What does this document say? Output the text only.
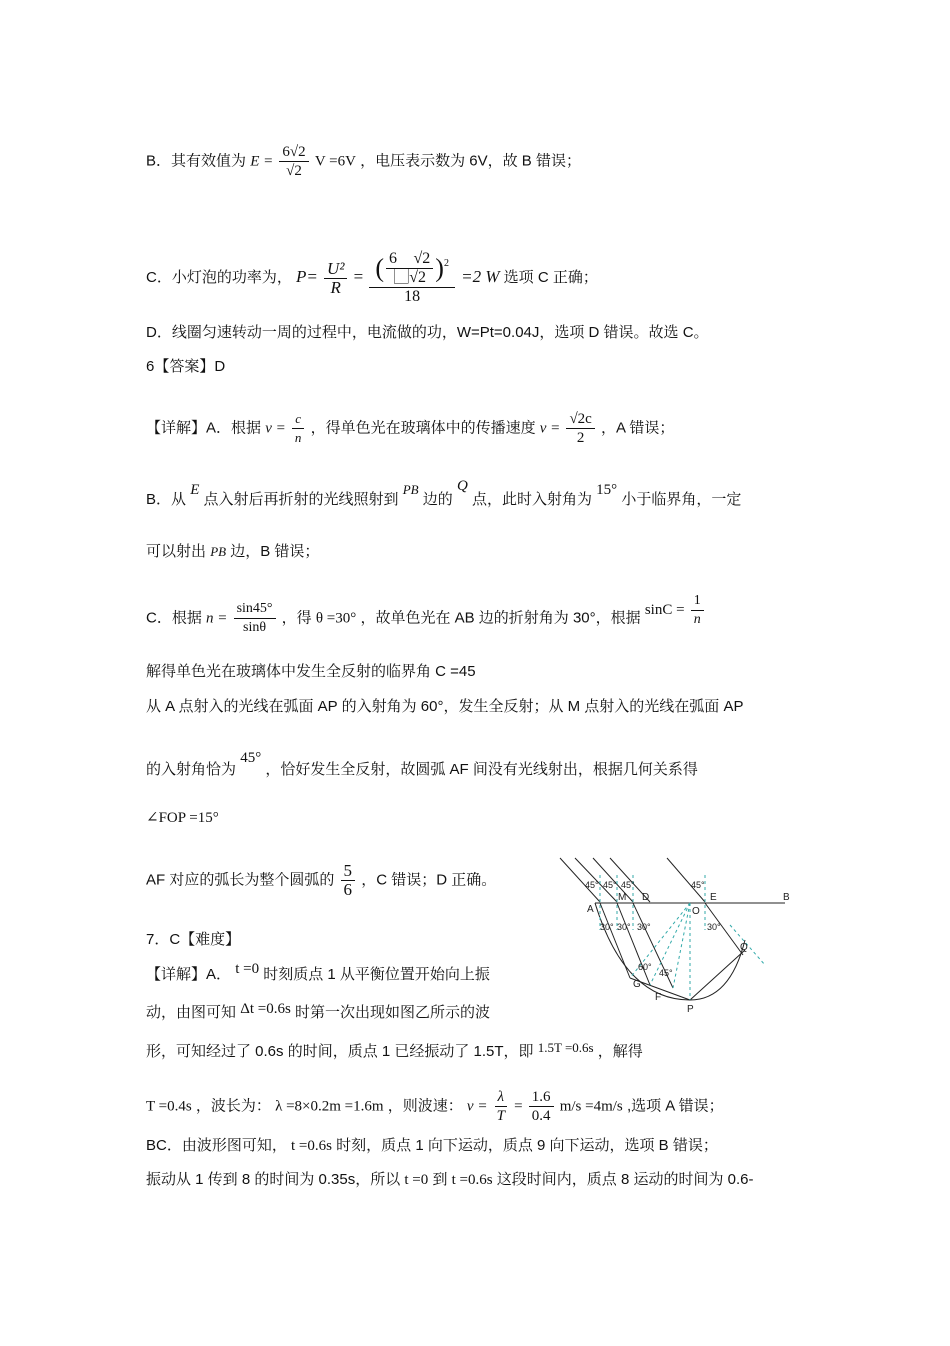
B．其有效值为 $E = \frac{6√2}{√2}$ V =6V ，电压表示数为 6V，故 B 错误；
C．小灯泡的功率为， $P= \frac{\text{U²}}{R} = \frac{( \frac{6 ⃞√2}{⃞√2} )^2}{18} =2$ W 选项 C 正确；
D．线圈匀速转动一周的过程中，电流做的功，W=Pt=0.04J，选项 D 错误。故选 C。
6【答案】D
【详解】A．根据 $v = \frac{c}{n}$ ，得单色光在玻璃体中的传播速度 $v = \frac{√2c}{2}$ ，A 错误；
B．从 E 点入射后再折射的光线照射到 PB 边的 Q 点，此时入射角为 15° 小于临界角，一定
可以射出 PB 边，B 错误；
C．根据 $n = \frac{\sin 45^\circ}{\sin\theta}$ ，得 θ =30° ，故单色光在 AB 边的折射角为 30°，根据 $\sin C = \frac{1}{n}$
解得单色光在玻璃体中发生全反射的临界角 C =45
从 A 点射入的光线在弧面 AP 的入射角为 60°，发生全反射；从 M 点射入的光线在弧面 AP
的入射角恰为 45° ，恰好发生全反射，故圆弧 AF 间没有光线射出，根据几何关系得
∠FOP =15°
AF 对应的弧长为整个圆弧的 $\frac{5}{6}$ ，C 错误；D 正确。
7．C【难度】
【详解】A． t =0 时刻质点 1 从平衡位置开始向上振
动，由图可知 Δt =0.6s 时第一次出现如图乙所示的波
形，可知经过了 0.6s 的时间，质点 1 已经振动了 1.5T，即 1.5T =0.6s ，解得
T =0.4s ，波长为： λ =8×0.2m =1.6m ，则波速： $v = \frac{\lambda}{T} = \frac{1.6}{0.4} m/s =4m/s$ ,选项 A 错误；
BC．由波形图可知， t =0.6s 时刻，质点 1 向下运动，质点 9 向下运动，选项 B 错误；
振动从 1 传到 8 的时间为 0.35s，所以 t =0 到 t =0.6s 这段时间内，质点 8 运动的时间为 0.6-
A
M D
O
E	B
Q
G
F
P
45° 45° 45°	45°
30° 30° 30°	30°
60°
45°
